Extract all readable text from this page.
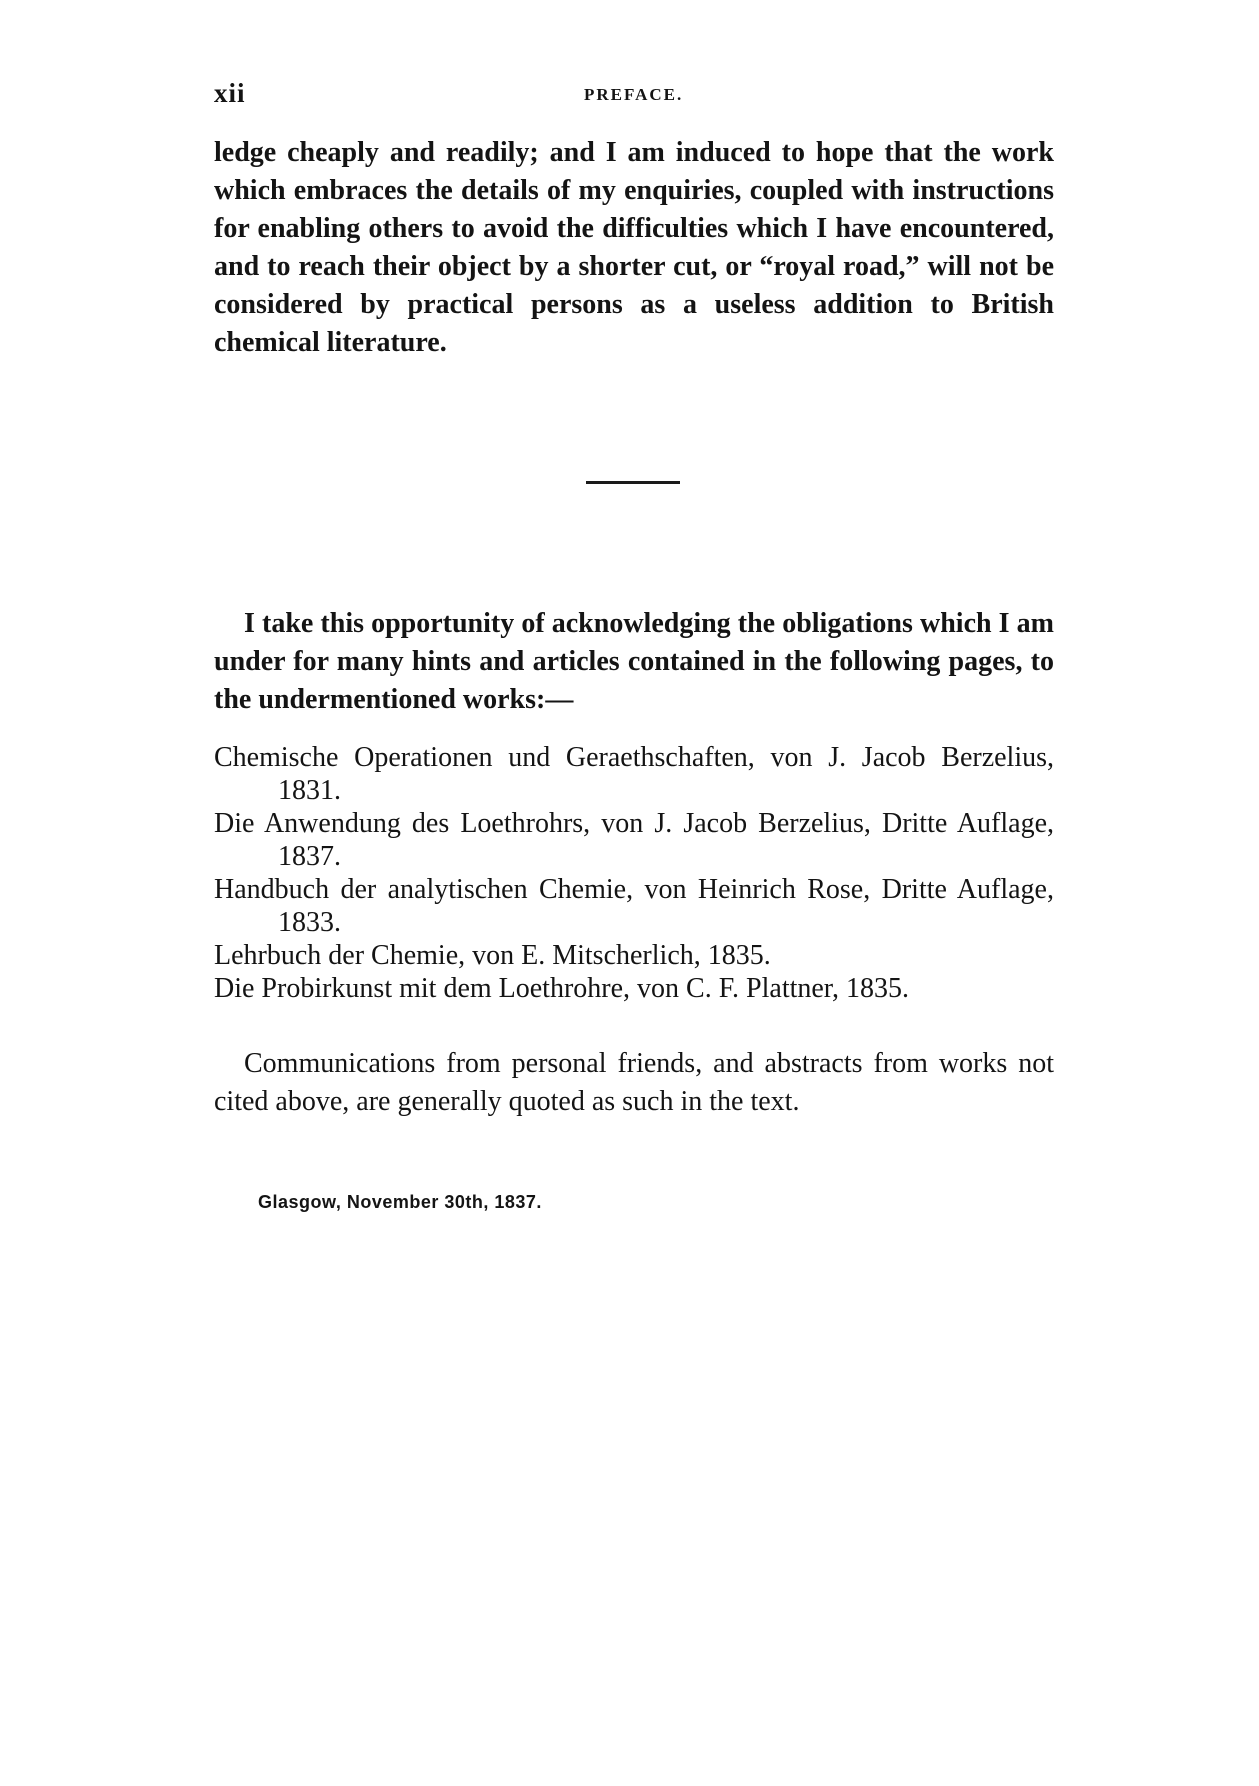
xii	PREFACE.

ledge cheaply and readily; and I am induced to hope that the work which embraces the details of my enquiries, coupled with instructions for enabling others to avoid the difficulties which I have encountered, and to reach their object by a shorter cut, or “royal road,” will not be considered by practical persons as a useless addition to British chemical literature.

I take this opportunity of acknowledging the obligations which I am under for many hints and articles contained in the following pages, to the undermentioned works:—

Chemische Operationen und Geraethschaften, von J. Jacob Berzelius, 1831.
Die Anwendung des Loethrohrs, von J. Jacob Berzelius, Dritte Auflage, 1837.
Handbuch der analytischen Chemie, von Heinrich Rose, Dritte Auflage, 1833.
Lehrbuch der Chemie, von E. Mitscherlich, 1835.
Die Probirkunst mit dem Loethrohre, von C. F. Plattner, 1835.

Communications from personal friends, and abstracts from works not cited above, are generally quoted as such in the text.

Glasgow, November 30th, 1837.
